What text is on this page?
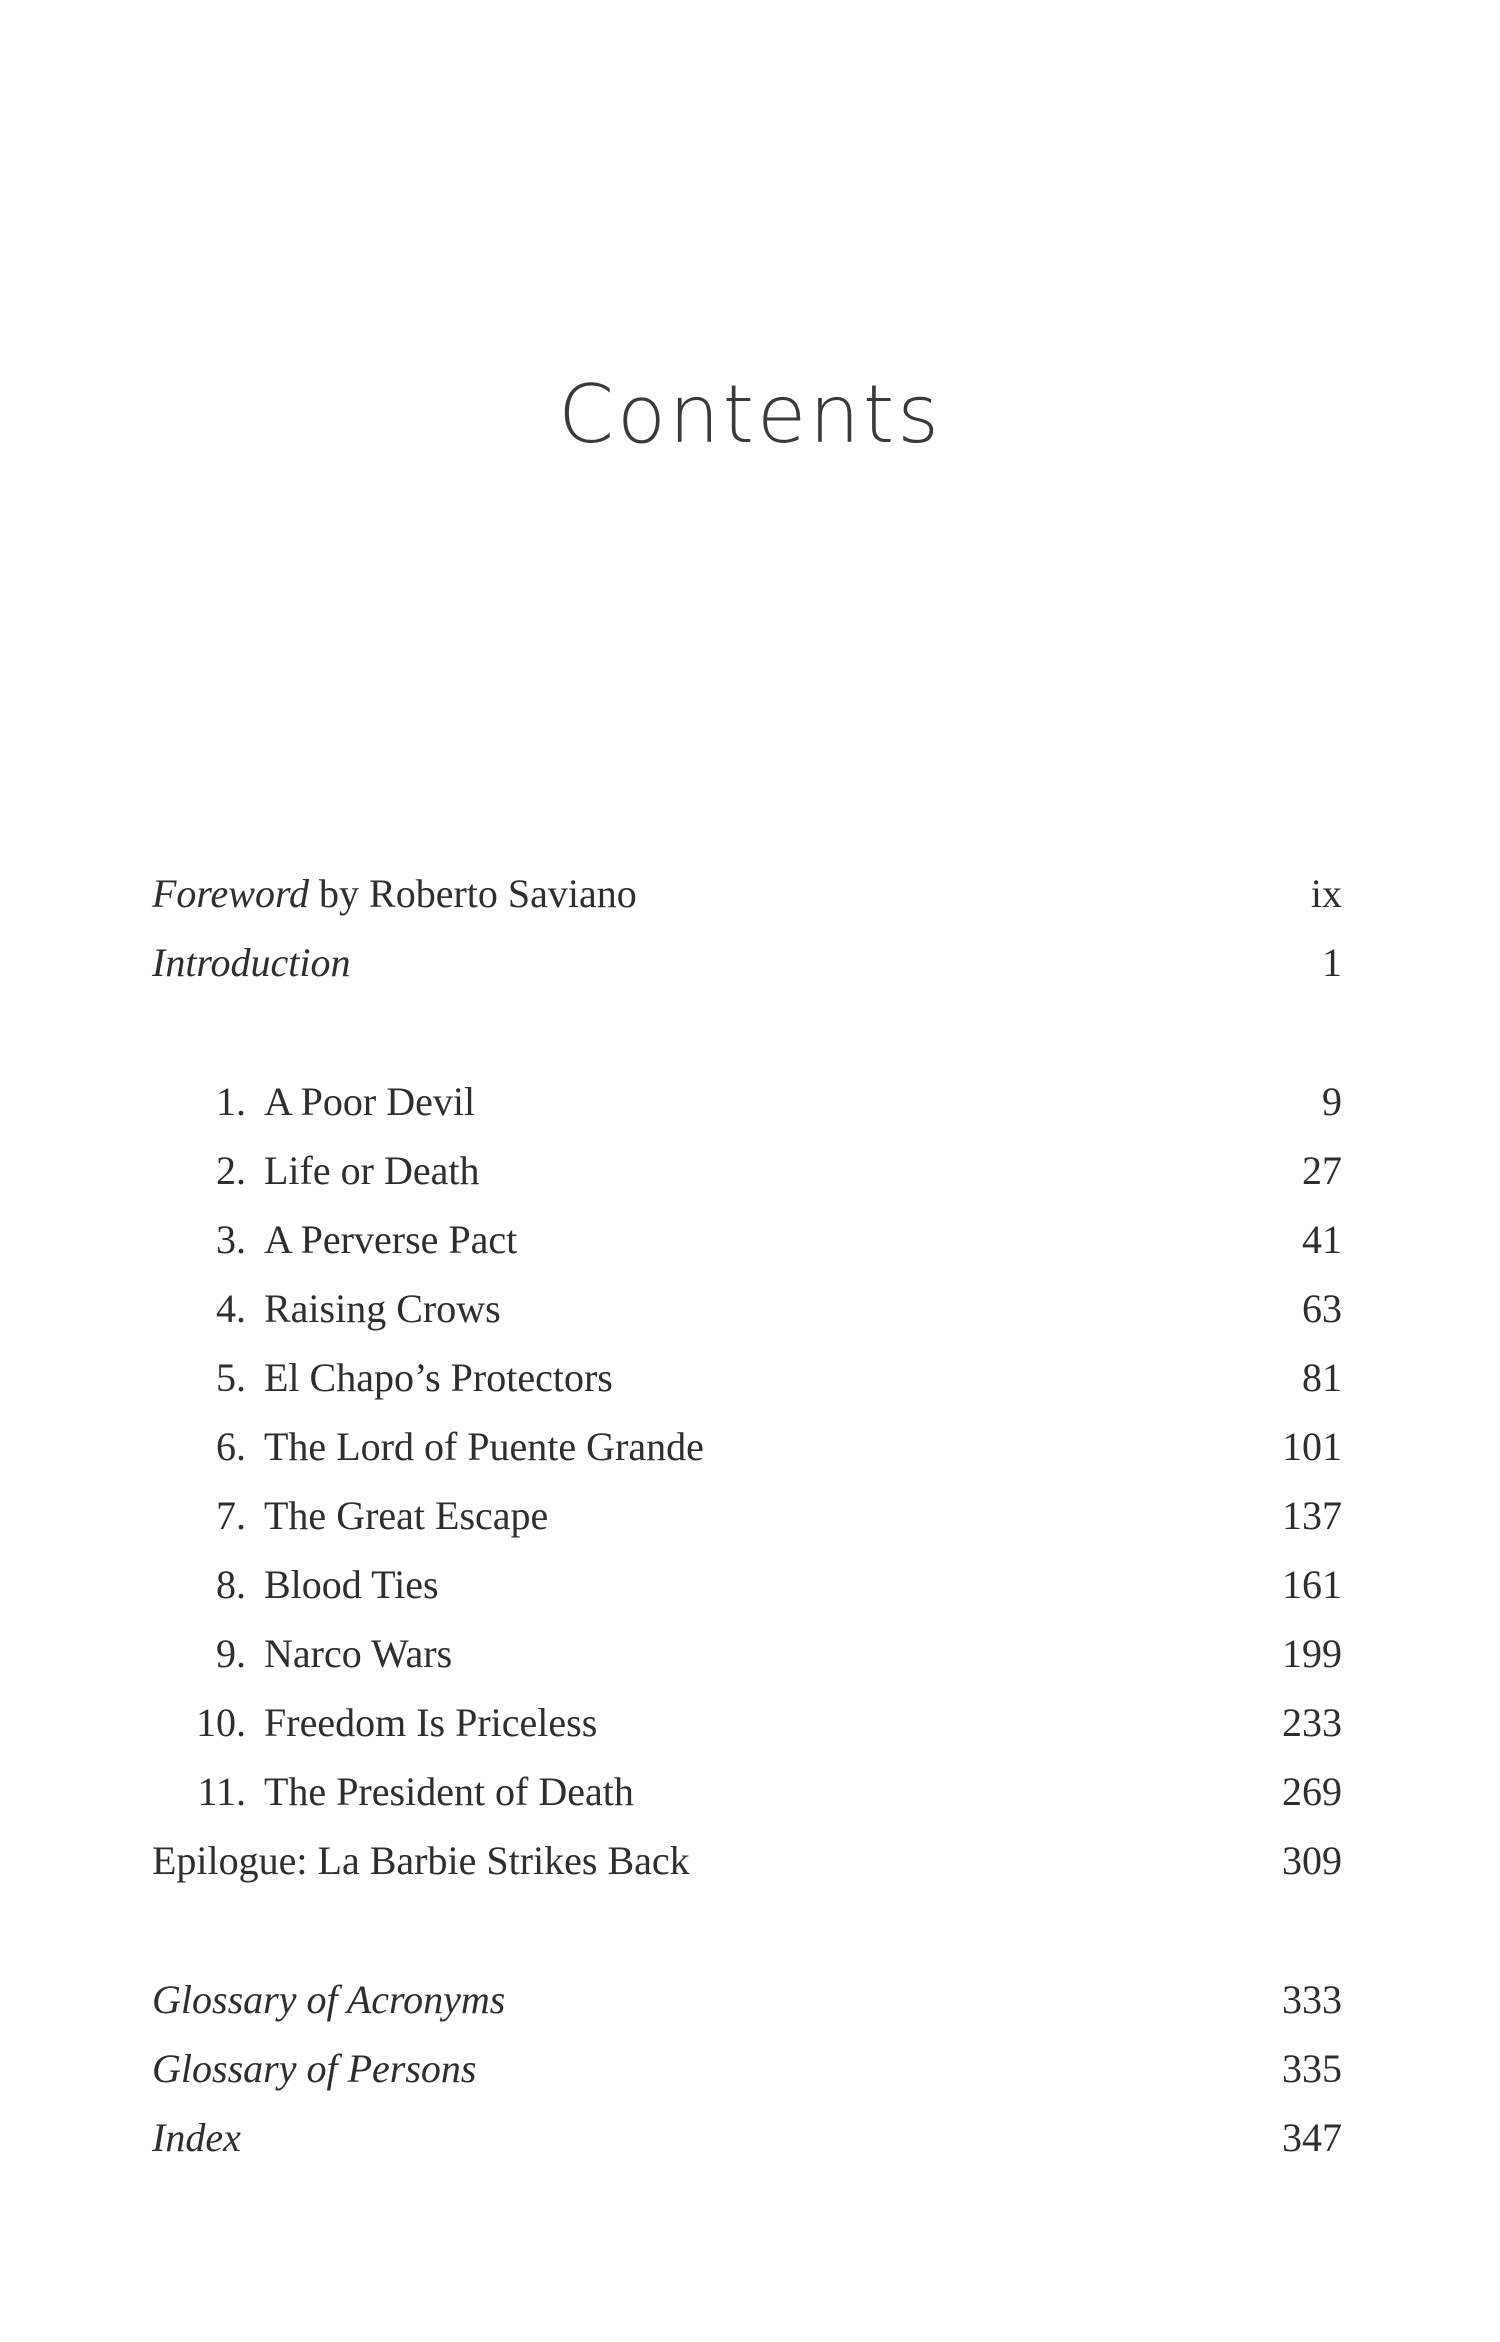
Contents
Foreword by Roberto Saviano	ix
Introduction	1
1. A Poor Devil	9
2. Life or Death	27
3. A Perverse Pact	41
4. Raising Crows	63
5. El Chapo’s Protectors	81
6. The Lord of Puente Grande	101
7. The Great Escape	137
8. Blood Ties	161
9. Narco Wars	199
10. Freedom Is Priceless	233
11. The President of Death	269
Epilogue: La Barbie Strikes Back	309
Glossary of Acronyms	333
Glossary of Persons	335
Index	347
